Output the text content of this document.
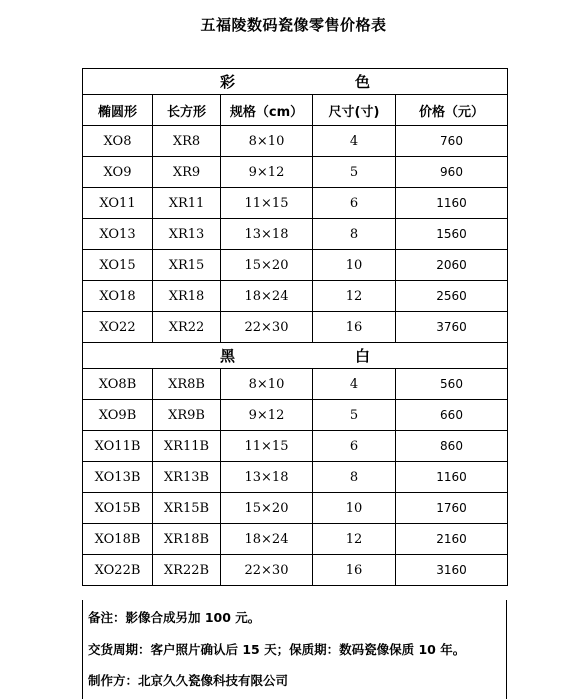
五福陵数码瓷像零售价格表
彩 色				
椭圆形	长方形	规格（cm）	尺寸(寸)	价格（元）
XO8	XR8	8×10	4	760
XO9	XR9	9×12	5	960
XO11	XR11	11×15	6	1160
XO13	XR13	13×18	8	1560
XO15	XR15	15×20	10	2060
XO18	XR18	18×24	12	2560
XO22	XR22	22×30	16	3760
黑 白				
XO8B	XR8B	8×10	4	560
XO9B	XR9B	9×12	5	660
XO11B	XR11B	11×15	6	860
XO13B	XR13B	13×18	8	1160
XO15B	XR15B	15×20	10	1760
XO18B	XR18B	18×24	12	2160
XO22B	XR22B	22×30	16	3160
备注：影像合成另加 100 元。
交货周期：客户照片确认后 15 天；保质期：数码瓷像保质 10 年。
制作方：北京久久瓷像科技有限公司
